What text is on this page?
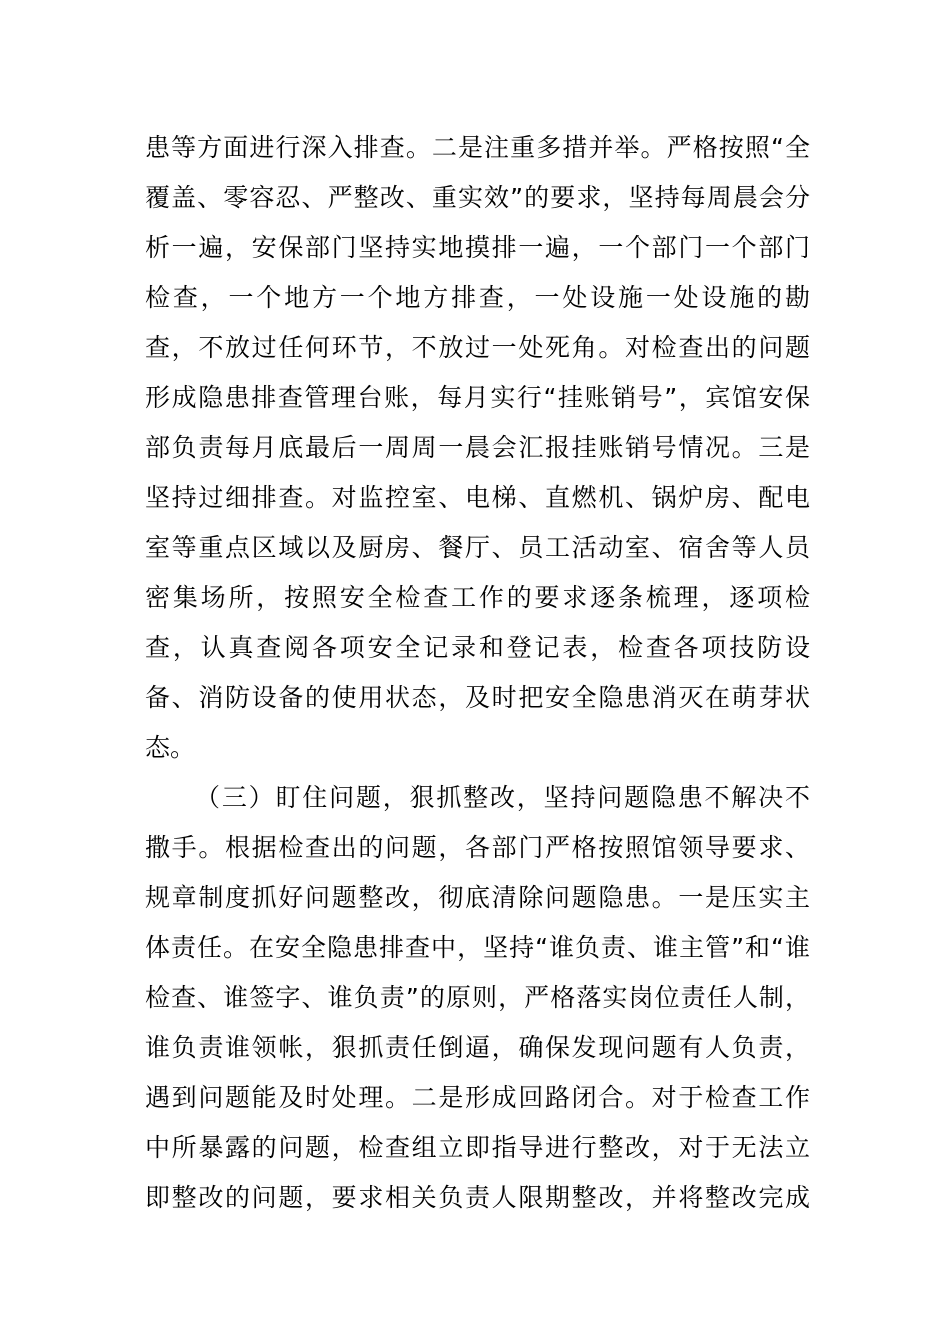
患等方面进行深入排查。二是注重多措并举。严格按照“全
覆盖、零容忍、严整改、重实效”的要求，坚持每周晨会分
析一遍，安保部门坚持实地摸排一遍，一个部门一个部门
检查，一个地方一个地方排查，一处设施一处设施的勘
查，不放过任何环节，不放过一处死角。对检查出的问题
形成隐患排查管理台账，每月实行“挂账销号”，宾馆安保
部负责每月底最后一周周一晨会汇报挂账销号情况。三是
坚持过细排查。对监控室、电梯、直燃机、锅炉房、配电
室等重点区域以及厨房、餐厅、员工活动室、宿舍等人员
密集场所，按照安全检查工作的要求逐条梳理，逐项检
查，认真查阅各项安全记录和登记表，检查各项技防设
备、消防设备的使用状态，及时把安全隐患消灭在萌芽状
态。
（三）盯住问题，狠抓整改，坚持问题隐患不解决不
撒手。根据检查出的问题，各部门严格按照馆领导要求、
规章制度抓好问题整改，彻底清除问题隐患。一是压实主
体责任。在安全隐患排查中，坚持“谁负责、谁主管”和“谁
检查、谁签字、谁负责”的原则，严格落实岗位责任人制，
谁负责谁领帐，狠抓责任倒逼，确保发现问题有人负责，
遇到问题能及时处理。二是形成回路闭合。对于检查工作
中所暴露的问题，检查组立即指导进行整改，对于无法立
即整改的问题，要求相关负责人限期整改，并将整改完成
